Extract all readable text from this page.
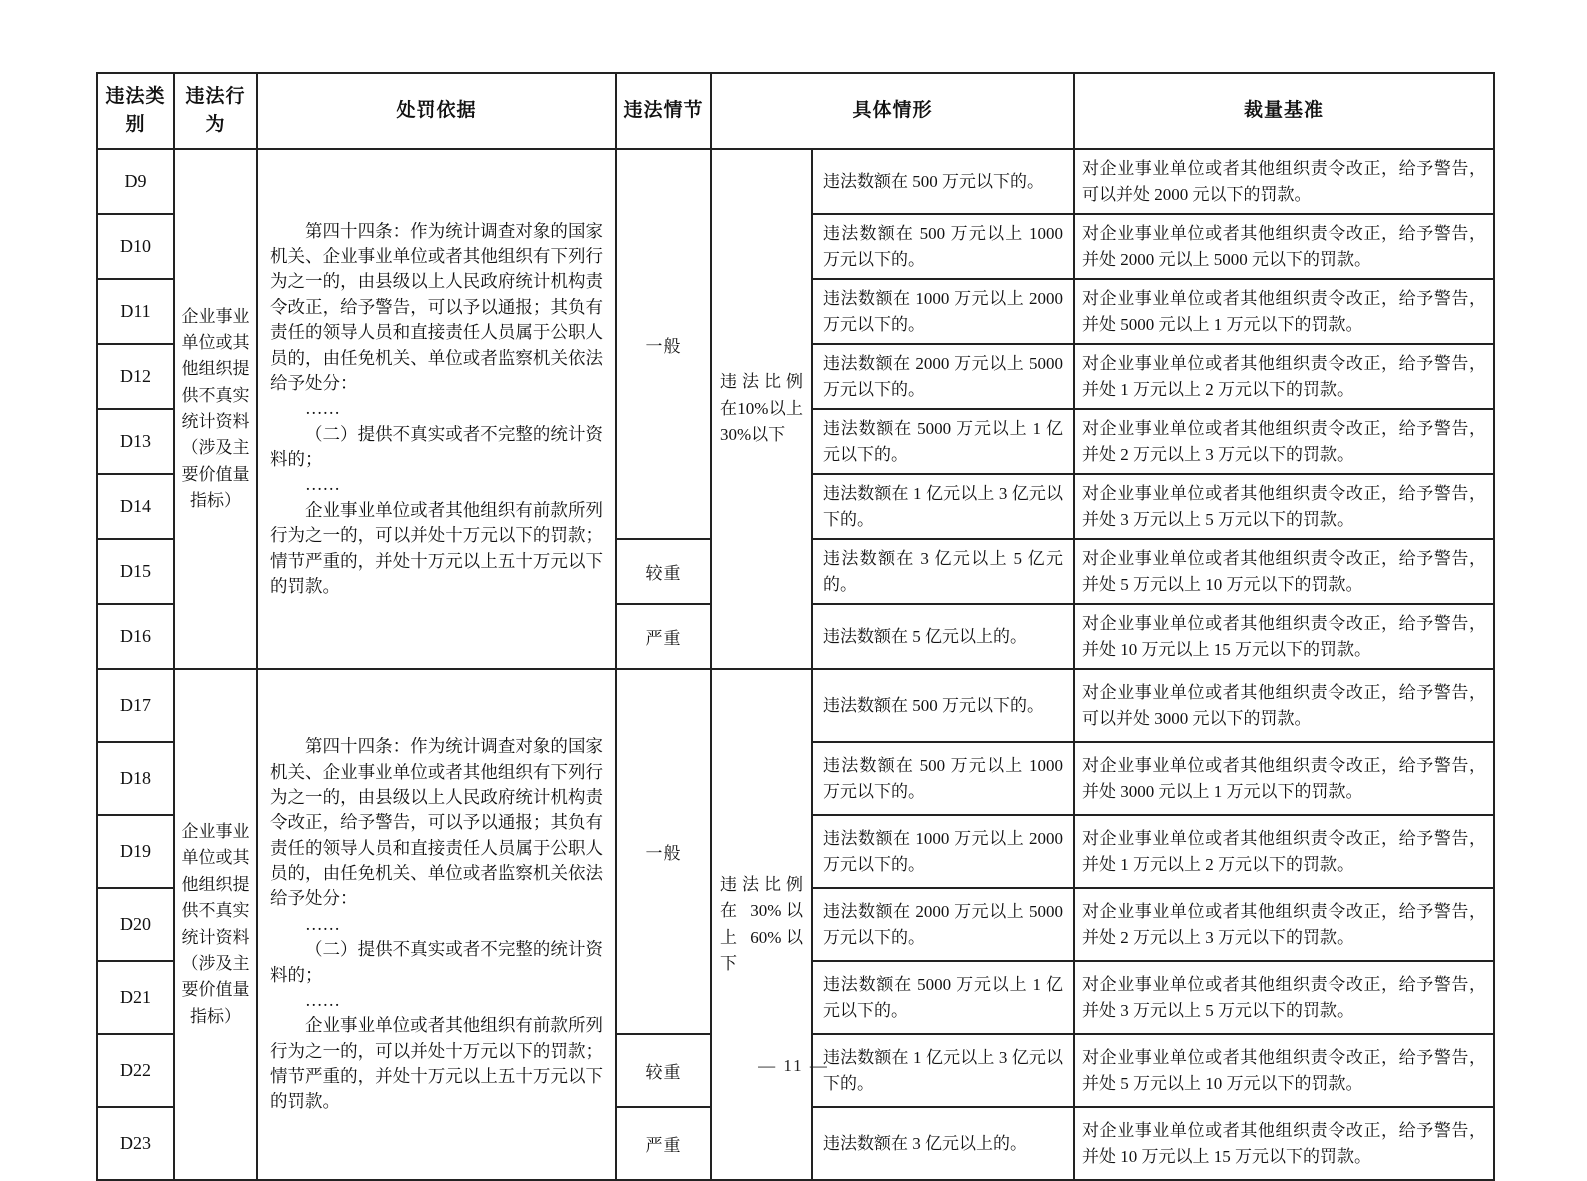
违法类别	违法行为	处罚依据	违法情节	具体情形		裁量基准
D9	企业事业单位或其他组织提供不真实统计资料（涉及主要价值量指标）	第四十四条：作为统计调查对象的国家机关、企业事业单位或者其他组织有下列行为之一的，由县级以上人民政府统计机构责令改正，给予警告，可以予以通报；其负有责任的领导人员和直接责任人员属于公职人员的，由任免机关、单位或者监察机关依法给予处分：

……

（二）提供不真实或者不完整的统计资料的；

……

企业事业单位或者其他组织有前款所列行为之一的，可以并处十万元以下的罚款；情节严重的，并处十万元以上五十万元以下的罚款。	一般	违法比例在10%以上30%以下	违法数额在 500 万元以下的。	对企业事业单位或者其他组织责令改正，给予警告，可以并处 2000 元以下的罚款。
D10					违法数额在 500 万元以上 1000 万元以下的。	对企业事业单位或者其他组织责令改正，给予警告，并处 2000 元以上 5000 元以下的罚款。
D11					违法数额在 1000 万元以上 2000 万元以下的。	对企业事业单位或者其他组织责令改正，给予警告，并处 5000 元以上 1 万元以下的罚款。
D12					违法数额在 2000 万元以上 5000 万元以下的。	对企业事业单位或者其他组织责令改正，给予警告，并处 1 万元以上 2 万元以下的罚款。
D13					违法数额在 5000 万元以上 1 亿元以下的。	对企业事业单位或者其他组织责令改正，给予警告，并处 2 万元以上 3 万元以下的罚款。
D14					违法数额在 1 亿元以上 3 亿元以下的。	对企业事业单位或者其他组织责令改正，给予警告，并处 3 万元以上 5 万元以下的罚款。
D15			较重		违法数额在 3 亿元以上 5 亿元的。	对企业事业单位或者其他组织责令改正，给予警告，并处 5 万元以上 10 万元以下的罚款。
D16			严重		违法数额在 5 亿元以上的。	对企业事业单位或者其他组织责令改正，给予警告，并处 10 万元以上 15 万元以下的罚款。
D17	企业事业单位或其他组织提供不真实统计资料（涉及主要价值量指标）	第四十四条：作为统计调查对象的国家机关、企业事业单位或者其他组织有下列行为之一的，由县级以上人民政府统计机构责令改正，给予警告，可以予以通报；其负有责任的领导人员和直接责任人员属于公职人员的，由任免机关、单位或者监察机关依法给予处分：

……

（二）提供不真实或者不完整的统计资料的；

……

企业事业单位或者其他组织有前款所列行为之一的，可以并处十万元以下的罚款；情节严重的，并处十万元以上五十万元以下的罚款。	一般	违法比例在 30%以上 60%以下	违法数额在 500 万元以下的。	对企业事业单位或者其他组织责令改正，给予警告，可以并处 3000 元以下的罚款。
D18					违法数额在 500 万元以上 1000 万元以下的。	对企业事业单位或者其他组织责令改正，给予警告，并处 3000 元以上 1 万元以下的罚款。
D19					违法数额在 1000 万元以上 2000 万元以下的。	对企业事业单位或者其他组织责令改正，给予警告，并处 1 万元以上 2 万元以下的罚款。
D20					违法数额在 2000 万元以上 5000 万元以下的。	对企业事业单位或者其他组织责令改正，给予警告，并处 2 万元以上 3 万元以下的罚款。
D21					违法数额在 5000 万元以上 1 亿元以下的。	对企业事业单位或者其他组织责令改正，给予警告，并处 3 万元以上 5 万元以下的罚款。
D22			较重		违法数额在 1 亿元以上 3 亿元以下的。	对企业事业单位或者其他组织责令改正，给予警告，并处 5 万元以上 10 万元以下的罚款。
D23			严重		违法数额在 3 亿元以上的。	对企业事业单位或者其他组织责令改正，给予警告，并处 10 万元以上 15 万元以下的罚款。
— 11 —
